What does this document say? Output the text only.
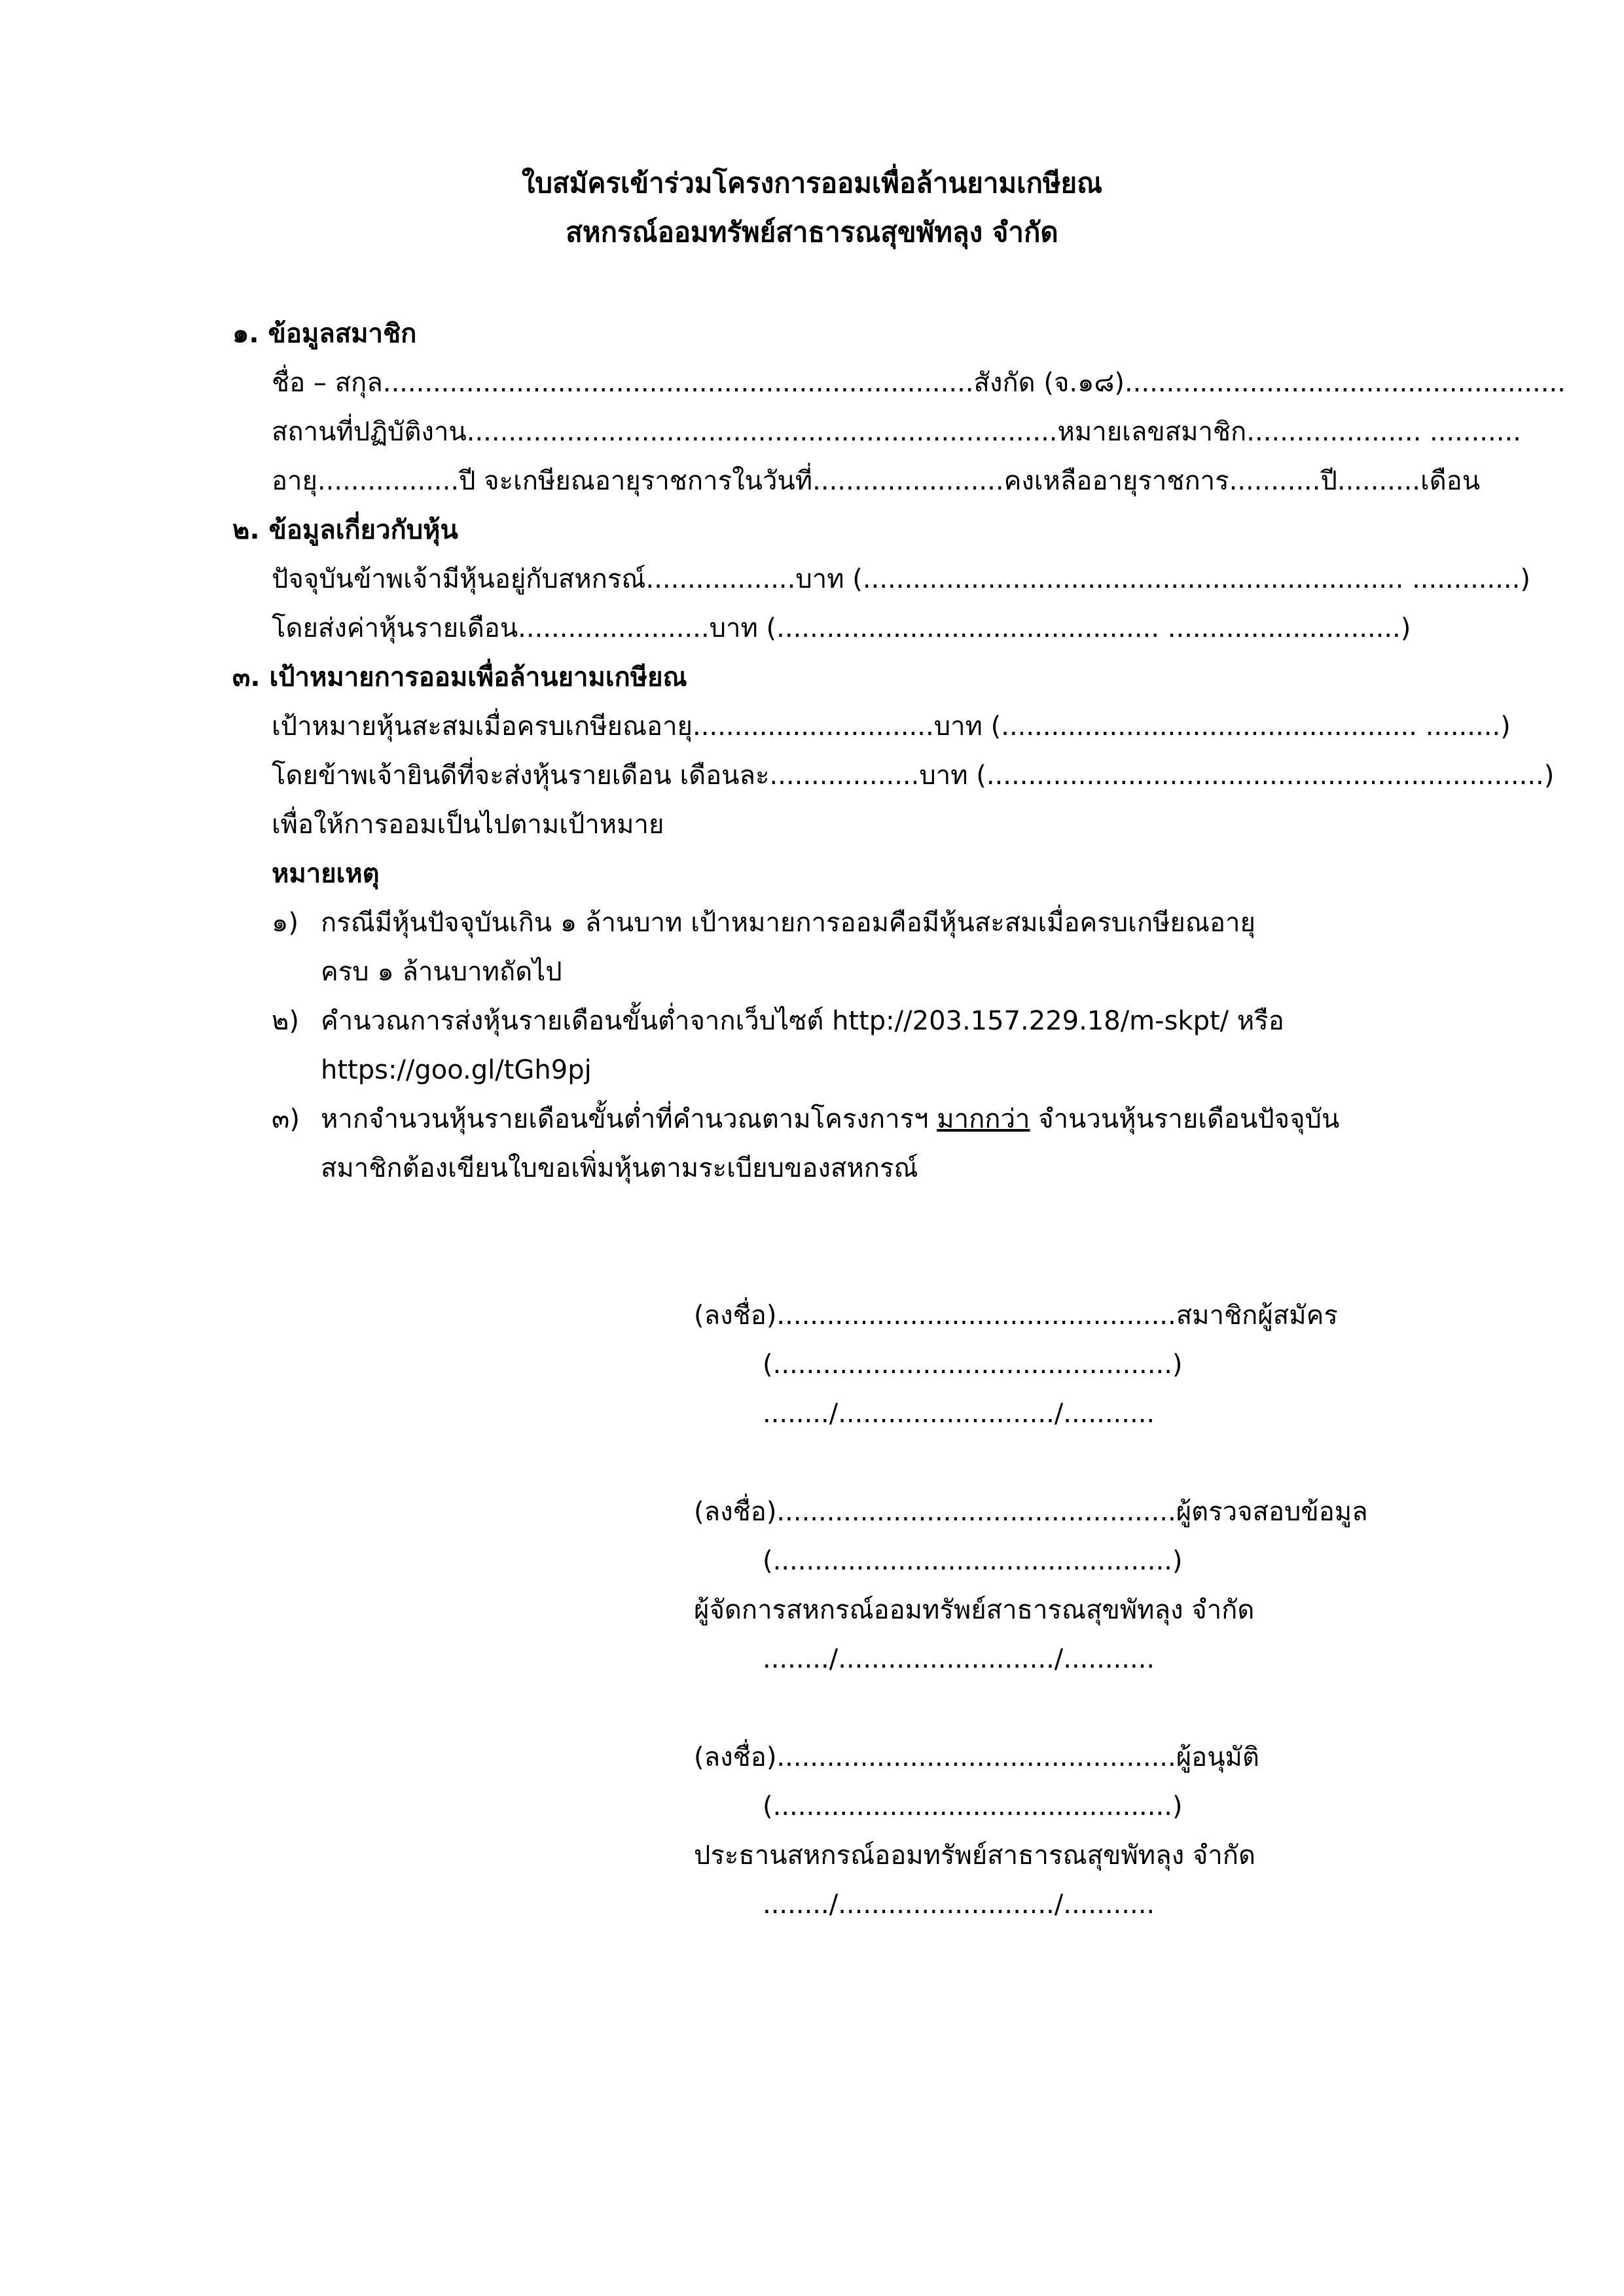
ใบสมัครเข้าร่วมโครงการออมเพื่อล้านยามเกษียณ
สหกรณ์ออมทรัพย์สาธารณสุขพัทลุง จำกัด
๑. ข้อมูลสมาชิก
ชื่อ – สกุล.......................................................................สังกัด (จ.๑๘).....................................................
สถานที่ปฏิบัติงาน.......................................................................หมายเลขสมาชิก..................... ...........
อายุ.................ปี จะเกษียณอายุราชการในวันที่.......................คงเหลืออายุราชการ...........ปี..........เดือน
๒. ข้อมูลเกี่ยวกับหุ้น
ปัจจุบันข้าพเจ้ามีหุ้นอยู่กับสหกรณ์..................บาท (................................................................. .............)
โดยส่งค่าหุ้นรายเดือน.......................บาท (.............................................. ............................)
๓. เป้าหมายการออมเพื่อล้านยามเกษียณ
เป้าหมายหุ้นสะสมเมื่อครบเกษียณอายุ.............................บาท (.................................................. .........)
โดยข้าพเจ้ายินดีที่จะส่งหุ้นรายเดือน เดือนละ..................บาท (...................................................................)
เพื่อให้การออมเป็นไปตามเป้าหมาย
หมายเหตุ
๑) กรณีมีหุ้นปัจจุบันเกิน ๑ ล้านบาท เป้าหมายการออมคือมีหุ้นสะสมเมื่อครบเกษียณอายุ
ครบ ๑ ล้านบาทถัดไป
๒) คำนวณการส่งหุ้นรายเดือนขั้นต่ำจากเว็บไซต์ http://203.157.229.18/m-skpt/ หรือ
https://goo.gl/tGh9pj
๓) หากจำนวนหุ้นรายเดือนขั้นต่ำที่คำนวณตามโครงการฯ มากกว่า จำนวนหุ้นรายเดือนปัจจุบัน
สมาชิกต้องเขียนใบขอเพิ่มหุ้นตามระเบียบของสหกรณ์
(ลงชื่อ)................................................สมาชิกผู้สมัคร
(................................................)
......../........................../...........
(ลงชื่อ)................................................ผู้ตรวจสอบข้อมูล
(................................................)
ผู้จัดการสหกรณ์ออมทรัพย์สาธารณสุขพัทลุง จำกัด
......../........................../...........
(ลงชื่อ)................................................ผู้อนุมัติ
(................................................)
ประธานสหกรณ์ออมทรัพย์สาธารณสุขพัทลุง จำกัด
......../........................../...........
